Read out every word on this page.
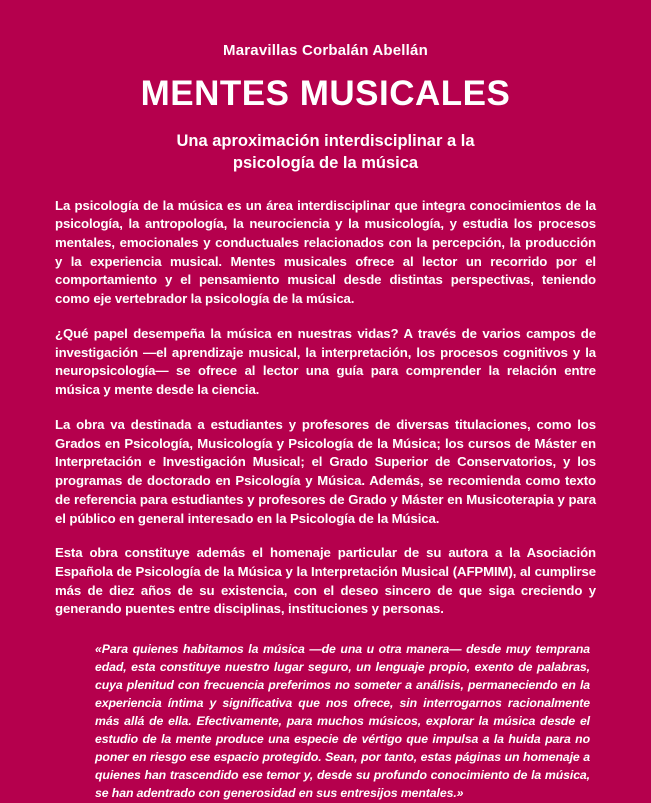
Maravillas Corbalán Abellán
MENTES MUSICALES
Una aproximación interdisciplinar a la
psicología de la música

La psicología de la música es un área interdisciplinar que integra conocimientos de la psicología, la antropología, la neurociencia y la musicología, y estudia los procesos mentales, emocionales y conductuales relacionados con la percepción, la producción y la experiencia musical. Mentes musicales ofrece al lector un recorrido por el comportamiento y el pensamiento musical desde distintas perspectivas, teniendo como eje vertebrador la psicología de la música.

¿Qué papel desempeña la música en nuestras vidas? A través de varios campos de investigación —el aprendizaje musical, la interpretación, los procesos cognitivos y la neuropsicología— se ofrece al lector una guía para comprender la relación entre música y mente desde la ciencia.

La obra va destinada a estudiantes y profesores de diversas titulaciones, como los Grados en Psicología, Musicología y Psicología de la Música; los cursos de Máster en Interpretación e Investigación Musical; el Grado Superior de Conservatorios, y los programas de doctorado en Psicología y Música. Además, se recomienda como texto de referencia para estudiantes y profesores de Grado y Máster en Musicoterapia y para el público en general interesado en la Psicología de la Música.

Esta obra constituye además el homenaje particular de su autora a la Asociación Española de Psicología de la Música y la Interpretación Musical (AFPMIM), al cumplirse más de diez años de su existencia, con el deseo sincero de que siga creciendo y generando puentes entre disciplinas, instituciones y personas.

«Para quienes habitamos la música —de una u otra manera— desde muy temprana edad, esta constituye nuestro lugar seguro, un lenguaje propio, exento de palabras, cuya plenitud con frecuencia preferimos no someter a análisis, permaneciendo en la experiencia íntima y significativa que nos ofrece, sin interrogarnos racionalmente más allá de ella. Efectivamente, para muchos músicos, explorar la música desde el estudio de la mente produce una especie de vértigo que impulsa a la huida para no poner en riesgo ese espacio protegido. Sean, por tanto, estas páginas un homenaje a quienes han trascendido ese temor y, desde su profundo conocimiento de la música, se han adentrado con generosidad en sus entresijos mentales.»
